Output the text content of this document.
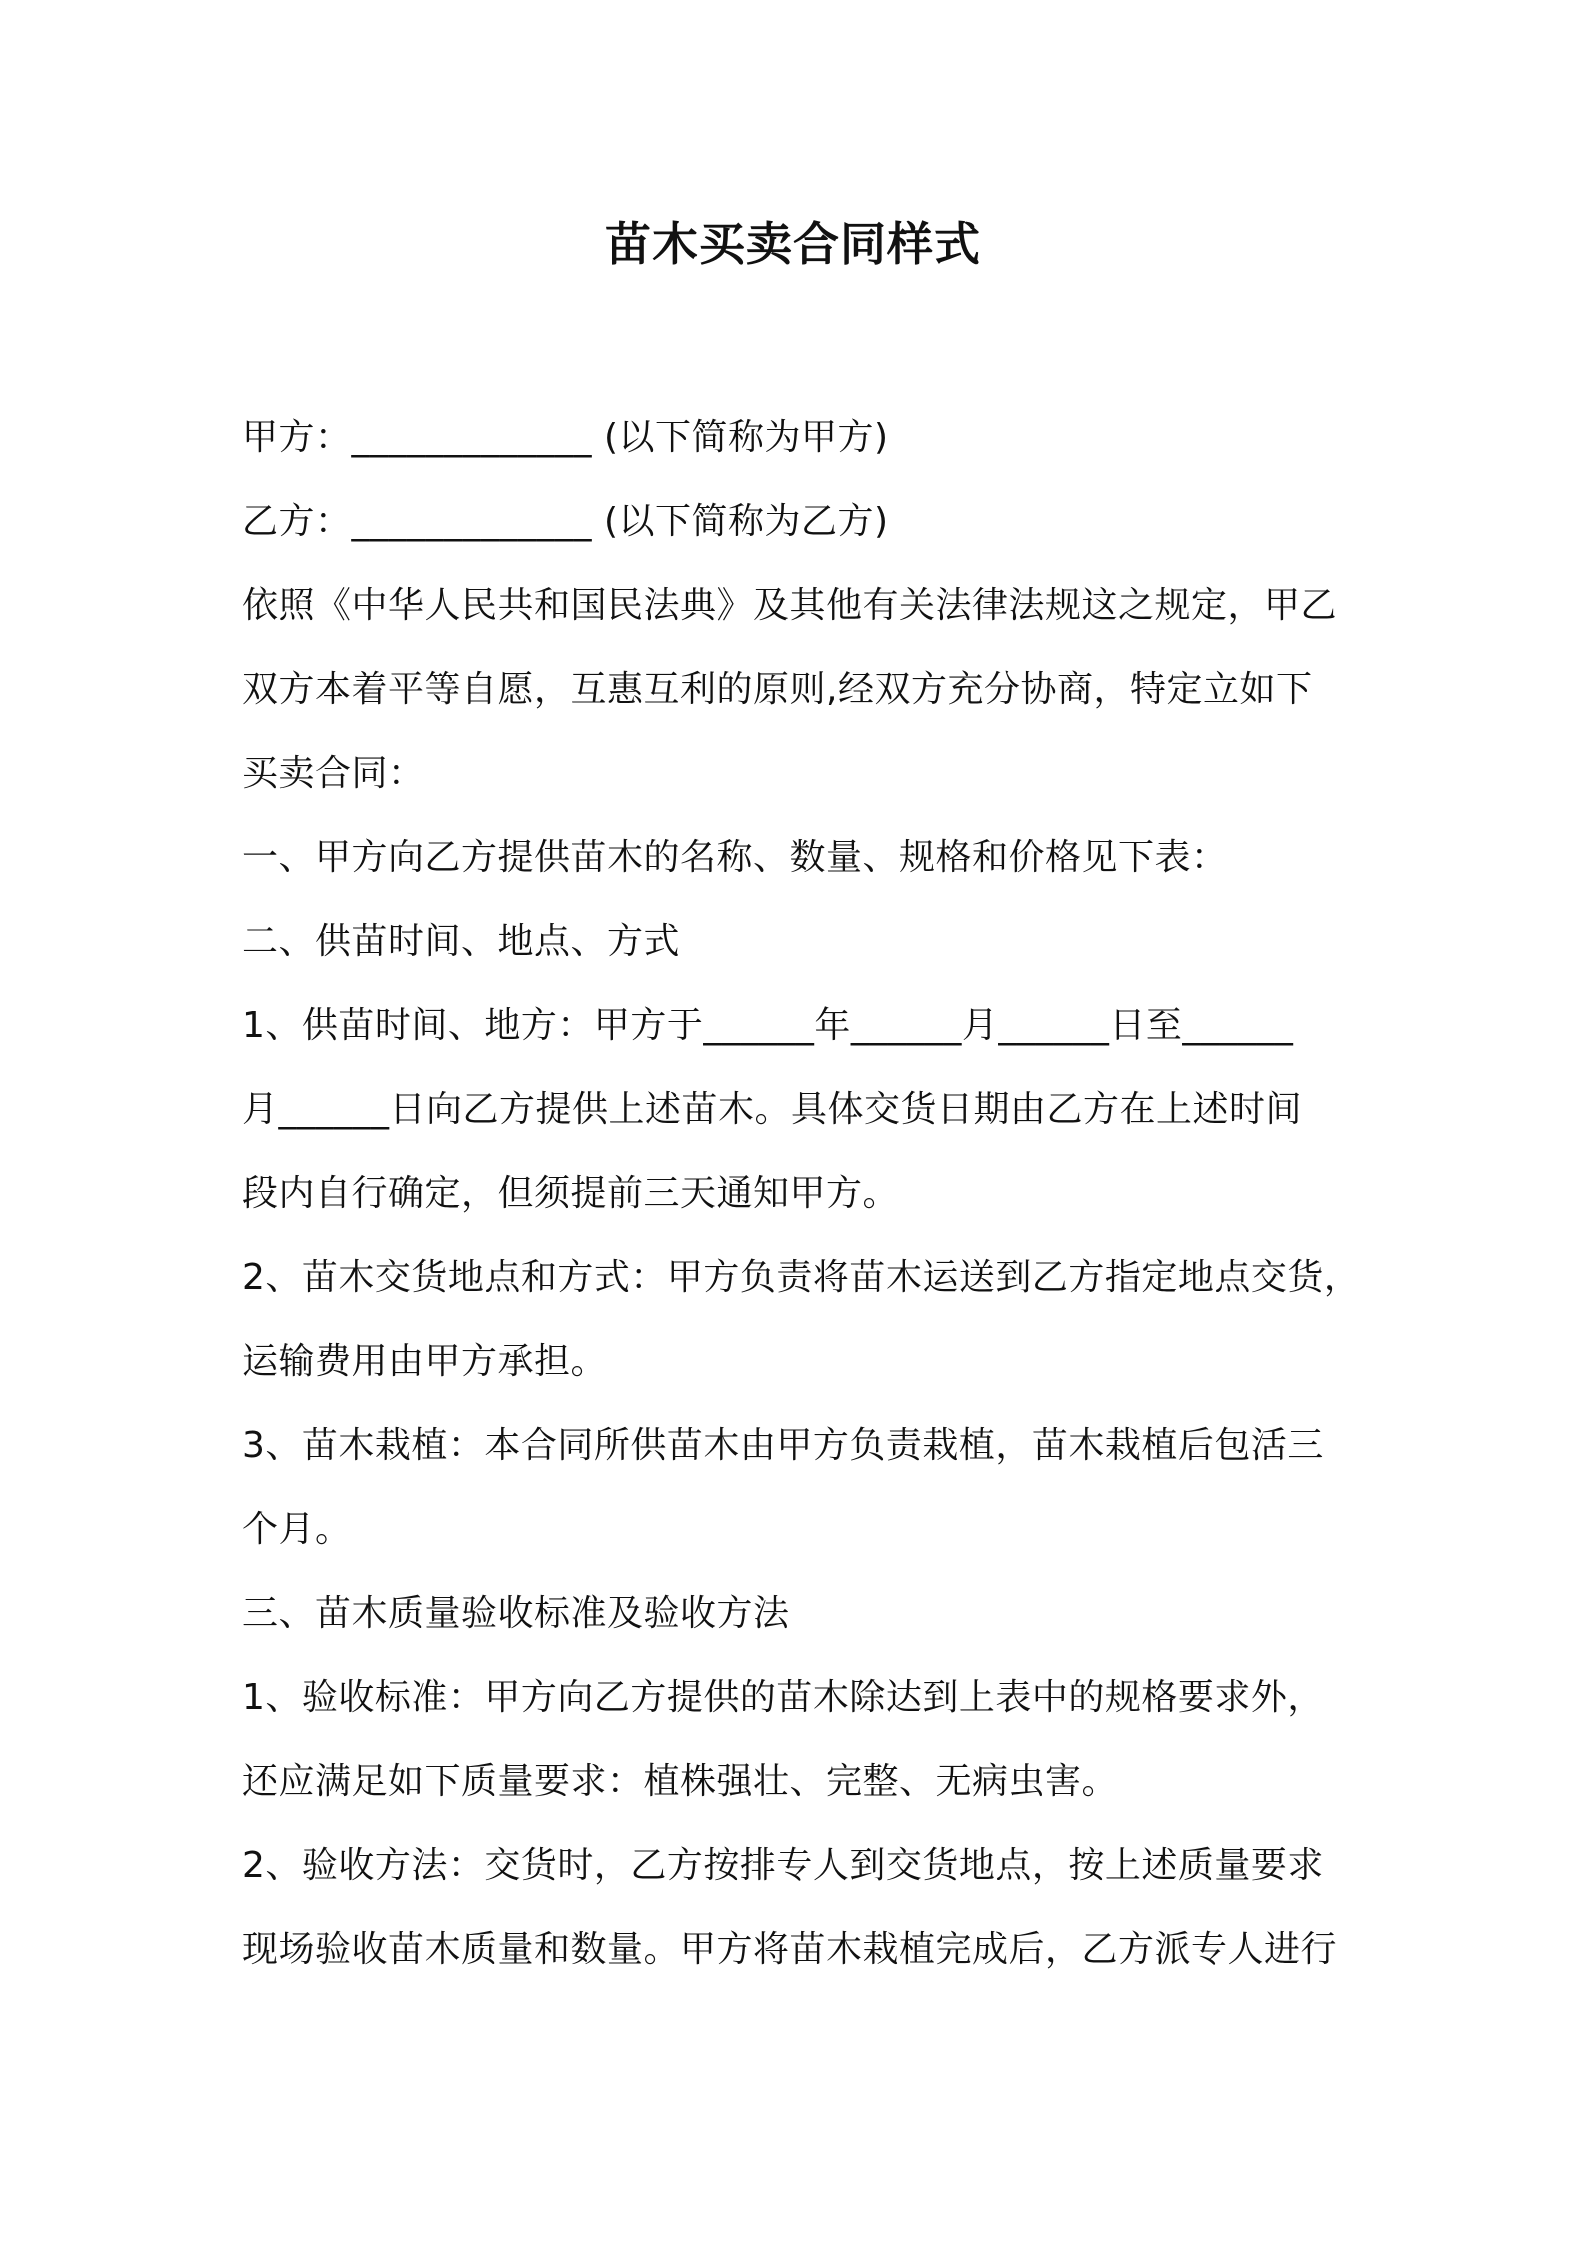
苗木买卖合同样式
甲方：_____________ (以下简称为甲方)
乙方：_____________ (以下简称为乙方)
依照《中华人民共和国民法典》及其他有关法律法规这之规定，甲乙
双方本着平等自愿，互惠互利的原则,经双方充分协商，特定立如下
买卖合同：
一、甲方向乙方提供苗木的名称、数量、规格和价格见下表：
二、供苗时间、地点、方式
1、供苗时间、地方：甲方于______年______月______日至______
月______日向乙方提供上述苗木。具体交货日期由乙方在上述时间
段内自行确定，但须提前三天通知甲方。
2、苗木交货地点和方式：甲方负责将苗木运送到乙方指定地点交货，
运输费用由甲方承担。
3、苗木栽植：本合同所供苗木由甲方负责栽植，苗木栽植后包活三
个月。
三、苗木质量验收标准及验收方法
1、验收标准：甲方向乙方提供的苗木除达到上表中的规格要求外，
还应满足如下质量要求：植株强壮、完整、无病虫害。
2、验收方法：交货时，乙方按排专人到交货地点，按上述质量要求
现场验收苗木质量和数量。甲方将苗木栽植完成后，乙方派专人进行
